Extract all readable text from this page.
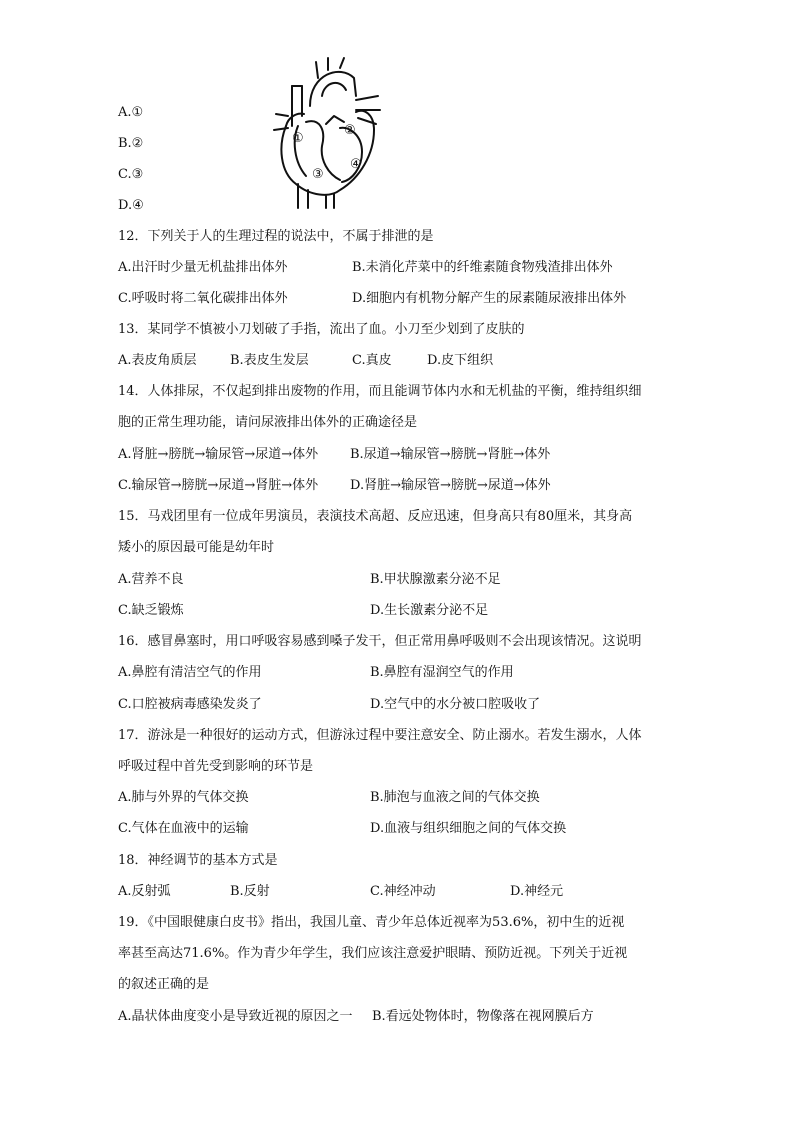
A.①
B.②
C.③
D.④
①
②
③
④

12．下列关于人的生理过程的说法中，不属于排泄的是

A.出汗时少量无机盐排出体外	B.未消化芹菜中的纤维素随食物残渣排出体外
C.呼吸时将二氧化碳排出体外	D.细胞内有机物分解产生的尿素随尿液排出体外

13．某同学不慎被小刀划破了手指，流出了血。小刀至少划到了皮肤的

A.表皮角质层	B.表皮生发层	C.真皮	D.皮下组织

14．人体排尿，不仅起到排出废物的作用，而且能调节体内水和无机盐的平衡，维持组织细

胞的正常生理功能，请问尿液排出体外的正确途径是

A.肾脏→膀胱→输尿管→尿道→体外 B.尿道→输尿管→膀胱→肾脏→体外
C.输尿管→膀胱→尿道→肾脏→体外 D.肾脏→输尿管→膀胱→尿道→体外

15．马戏团里有一位成年男演员，表演技术高超、反应迅速，但身高只有80厘米，其身高

矮小的原因最可能是幼年时

A.营养不良	B.甲状腺激素分泌不足
C.缺乏锻炼	D.生长激素分泌不足

16．感冒鼻塞时，用口呼吸容易感到嗓子发干，但正常用鼻呼吸则不会出现该情况。这说明

A.鼻腔有清洁空气的作用	B.鼻腔有湿润空气的作用
C.口腔被病毒感染发炎了	D.空气中的水分被口腔吸收了

17．游泳是一种很好的运动方式，但游泳过程中要注意安全、防止溺水。若发生溺水，人体

呼吸过程中首先受到影响的环节是

A.肺与外界的气体交换	B.肺泡与血液之间的气体交换
C.气体在血液中的运输	D.血液与组织细胞之间的气体交换

18．神经调节的基本方式是

A.反射弧	B.反射	C.神经冲动	D.神经元

19．《中国眼健康白皮书》指出，我国儿童、青少年总体近视率为53.6%，初中生的近视

率甚至高达71.6%。作为青少年学生，我们应该注意爱护眼睛、预防近视。下列关于近视

的叙述正确的是

A.晶状体曲度变小是导致近视的原因之一 B.看远处物体时，物像落在视网膜后方
